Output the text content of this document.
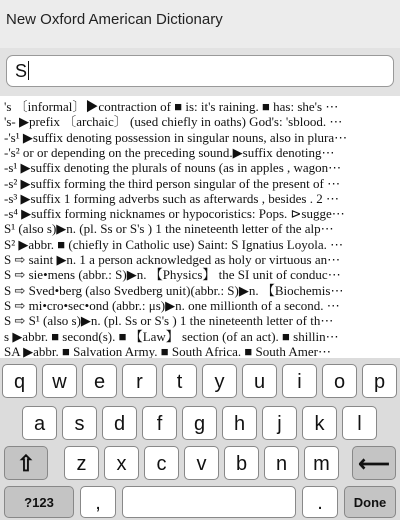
New Oxford American Dictionary
S
's 〔informal〕▶contraction of ■ is: it's raining. ■ has: she's ⋯
's- ▶prefix 〔archaic〕 (used chiefly in oaths) God's: 'sblood. ⋯
-'s¹ ▶suffix denoting possession in singular nouns, also in plura⋯
-'s² or or depending on the preceding sound.▶suffix denoting⋯
-s¹ ▶suffix denoting the plurals of nouns (as in apples , wagon⋯
-s² ▶suffix forming the third person singular of the present of ⋯
-s³ ▶suffix 1 forming adverbs such as afterwards , besides . 2 ⋯
-s⁴ ▶suffix forming nicknames or hypocoristics: Pops. ⊳sugge⋯
S¹ (also s)▶n. (pl. Ss or S's ) 1 the nineteenth letter of the alp⋯
S² ▶abbr. ■ (chiefly in Catholic use) Saint: S Ignatius Loyola. ⋯
S ⇨ saint ▶n. 1 a person acknowledged as holy or virtuous an⋯
S ⇨ sie•mens (abbr.: S)▶n. 【Physics】 the SI unit of conduc⋯
S ⇨ Sved•berg (also Svedberg unit)(abbr.: S)▶n. 【Biochemis⋯
S ⇨ mi•cro•sec•ond (abbr.: μs)▶n. one millionth of a second. ⋯
S ⇨ S¹ (also s)▶n. (pl. Ss or S's ) 1 the nineteenth letter of th⋯
s ▶abbr. ■ second(s). ■ 【Law】 section (of an act). ■ shillin⋯
SA ▶abbr. ■ Salvation Army. ■ South Africa. ■ South Amer⋯
q	w	e	r	t	y	u	i	o	p
a	s	d	f	g	h	j	k	l
⇧	z	x	c	v	b	n	m	⟵
?123	,	.	Done
